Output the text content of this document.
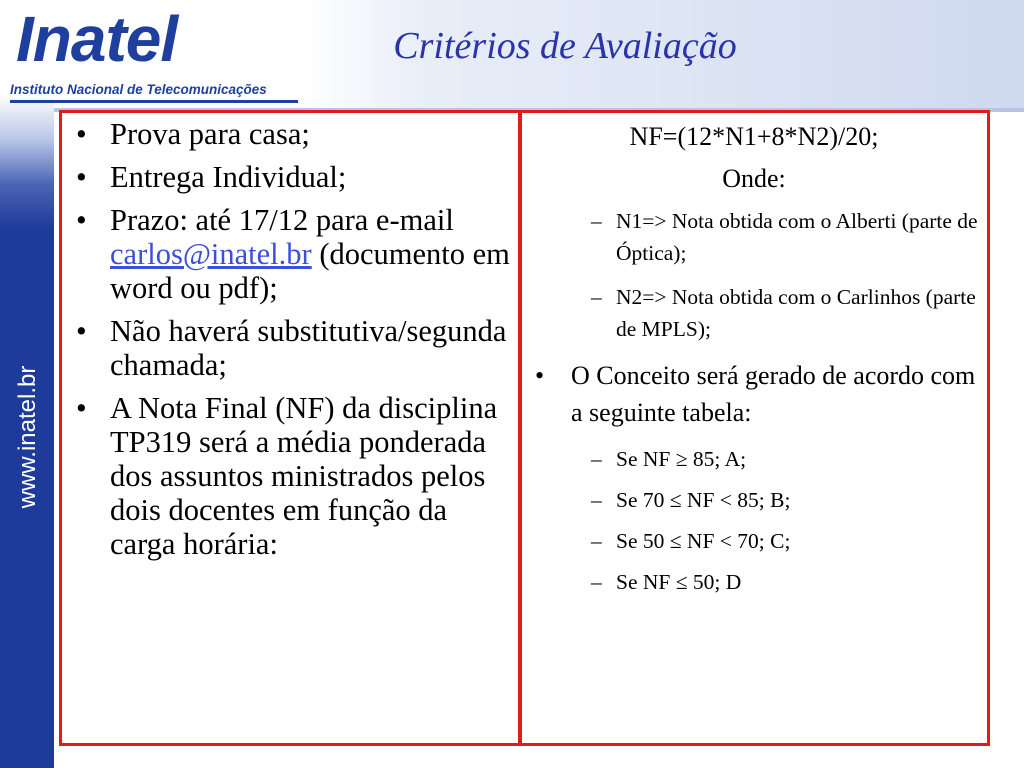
www.inatel.br
Inatel
Instituto Nacional de Telecomunicações
Critérios de Avaliação
• Prova para casa;
• Entrega Individual;
• Prazo: até 17/12 para e-mail carlos@inatel.br (documento em word ou pdf);
• Não haverá substitutiva/segunda chamada;
• A Nota Final (NF) da disciplina TP319 será a média ponderada dos assuntos ministrados pelos dois docentes em função da carga horária:
NF=(12*N1+8*N2)/20;
Onde:
– N1=> Nota obtida com o Alberti (parte de Óptica);
– N2=> Nota obtida com o Carlinhos (parte de MPLS);
• O Conceito será gerado de acordo com a seguinte tabela:
– Se NF ≥ 85; A;
– Se 70 ≤ NF < 85; B;
– Se 50 ≤ NF < 70; C;
– Se NF ≤ 50; D
